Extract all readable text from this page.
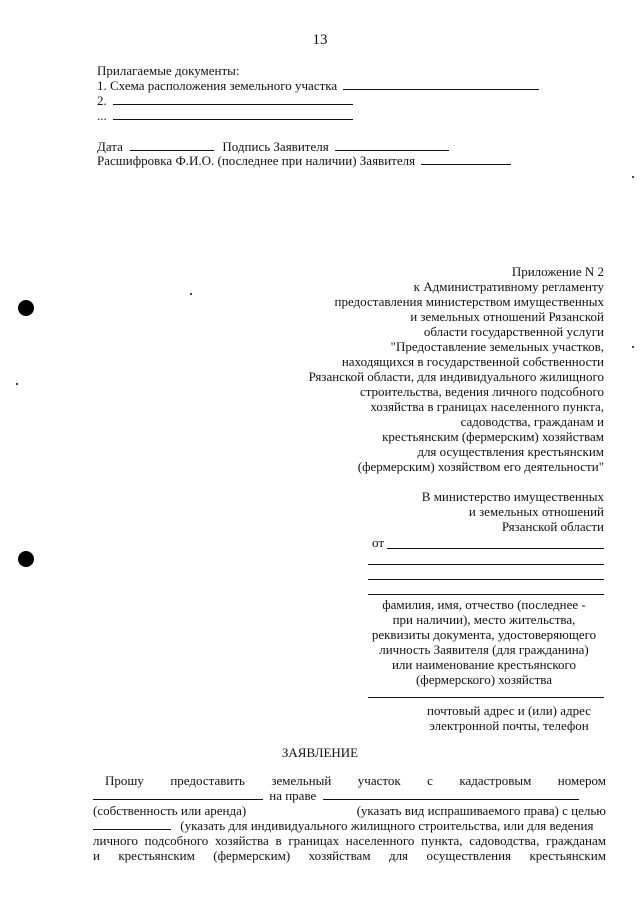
13
Прилагаемые документы:
1. Схема расположения земельного участка
2.
...
Дата	Подпись Заявителя
Расшифровка Ф.И.О. (последнее при наличии) Заявителя
Приложение N 2
к Административному регламенту
предоставления министерством имущественных
и земельных отношений Рязанской
области государственной услуги
"Предоставление земельных участков,
находящихся в государственной собственности
Рязанской области, для индивидуального жилищного
строительства, ведения личного подсобного
хозяйства в границах населенного пункта,
садоводства, гражданам и
крестьянским (фермерским) хозяйствам
для осуществления крестьянским
(фермерским) хозяйством его деятельности"
В министерство имущественных
и земельных отношений
Рязанской области
от
фамилия, имя, отчество (последнее -
при наличии), место жительства,
реквизиты документа, удостоверяющего
личность Заявителя (для гражданина)
или наименование крестьянского
(фермерского) хозяйства
почтовый адрес и (или) адрес
электронной почты, телефон
ЗАЯВЛЕНИЕ
Прошу предоставить земельный участок с кадастровым номером
на праве
(собственность или аренда)	(указать вид испрашиваемого права) с целью
(указать для индивидуального жилищного строительства, или для ведения
личного подсобного хозяйства в границах населенного пункта, садоводства, гражданам
и крестьянским (фермерским) хозяйствам для осуществления крестьянским
